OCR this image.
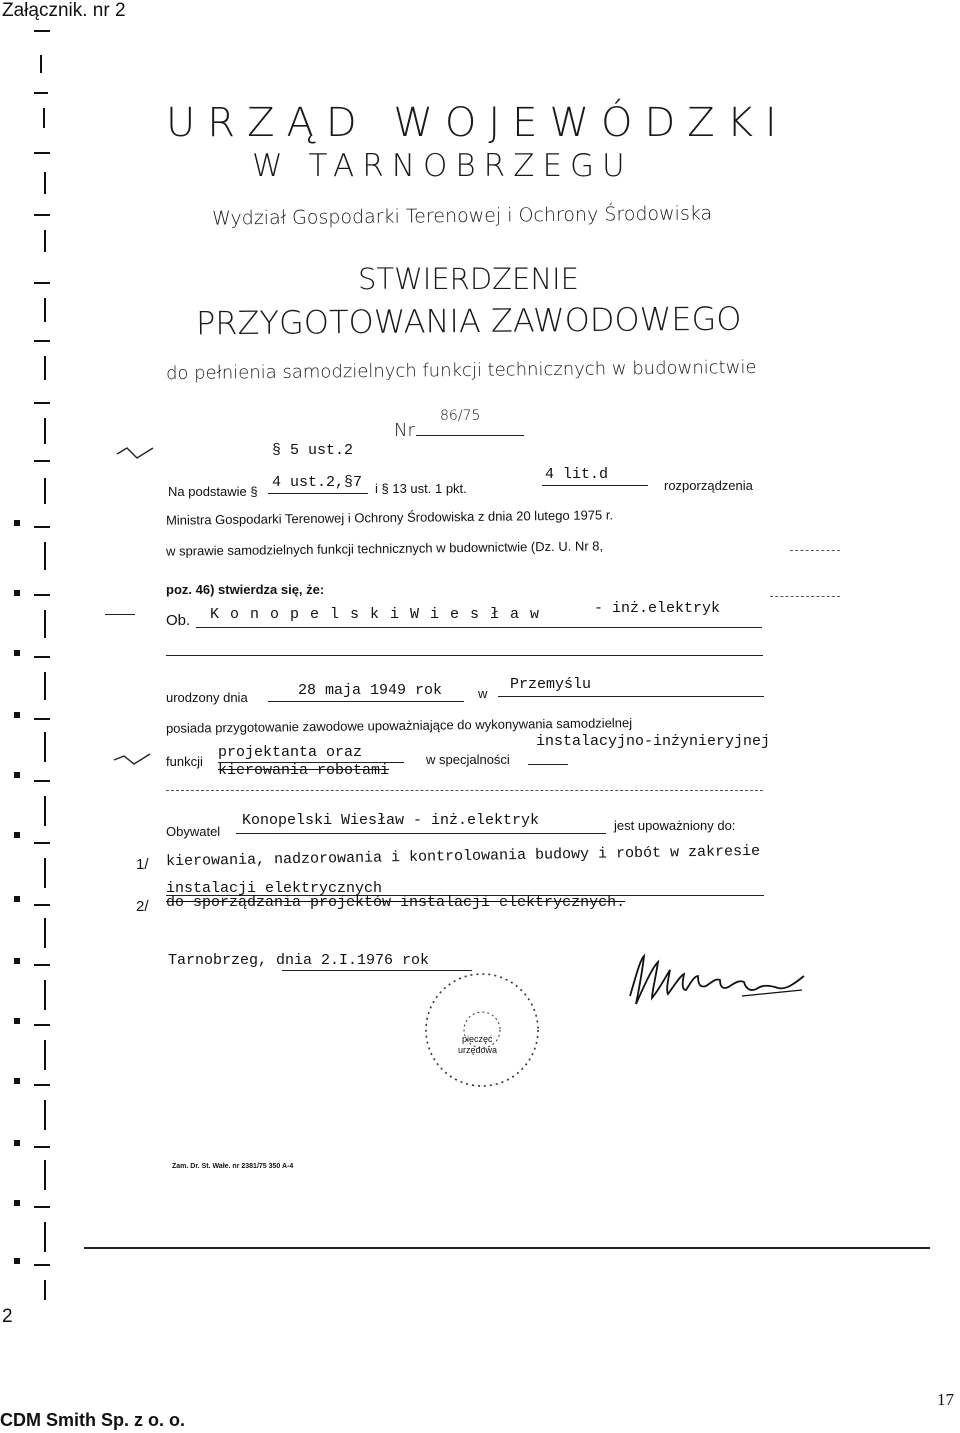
Załącznik. nr 2
URZĄD WOJEWÓDZKI
W TARNOBRZEGU
Wydział Gospodarki Terenowej i Ochrony Środowiska
STWIERDZENIE
PRZYGOTOWANIA ZAWODOWEGO
do pełnienia samodzielnych funkcji technicznych w budownictwie
Nr
86/75
§ 5 ust.2
Na podstawie §
4 ust.2,§7 i § 13 ust. 1 pkt.
4 lit.d
rozporządzenia
Ministra Gospodarki Terenowej i Ochrony Środowiska z dnia 20 lutego 1975 r.
w sprawie samodzielnych funkcji technicznych w budownictwie (Dz. U. Nr 8,
poz. 46) stwierdza się, że:
Ob. K o n o p e l s k i W i e s ł a w	- inż.elektryk
urodzony dnia	28 maja 1949 rok	w
Przemyślu
posiada przygotowanie zawodowe upoważniające do wykonywania samodzielnej
funkcji
projektanta oraz
kierowania robotami
w specjalności
instalacyjno-inżynieryjnej
Obywatel
Konopelski Wiesław - inż.elektryk	jest upoważniony do:
1/ kierowania, nadzorowania i kontrolowania budowy i robót w zakresie
instalacji elektrycznych
2/ do sporządzania projektów instalacji elektrycznych.
Tarnobrzeg, dnia 2.I.1976 rok
pieczęć
urzędowa
Zam. Dr. St. Wałe. nr 2381/75 350 A-4
2
CDM Smith Sp. z o. o.
17
